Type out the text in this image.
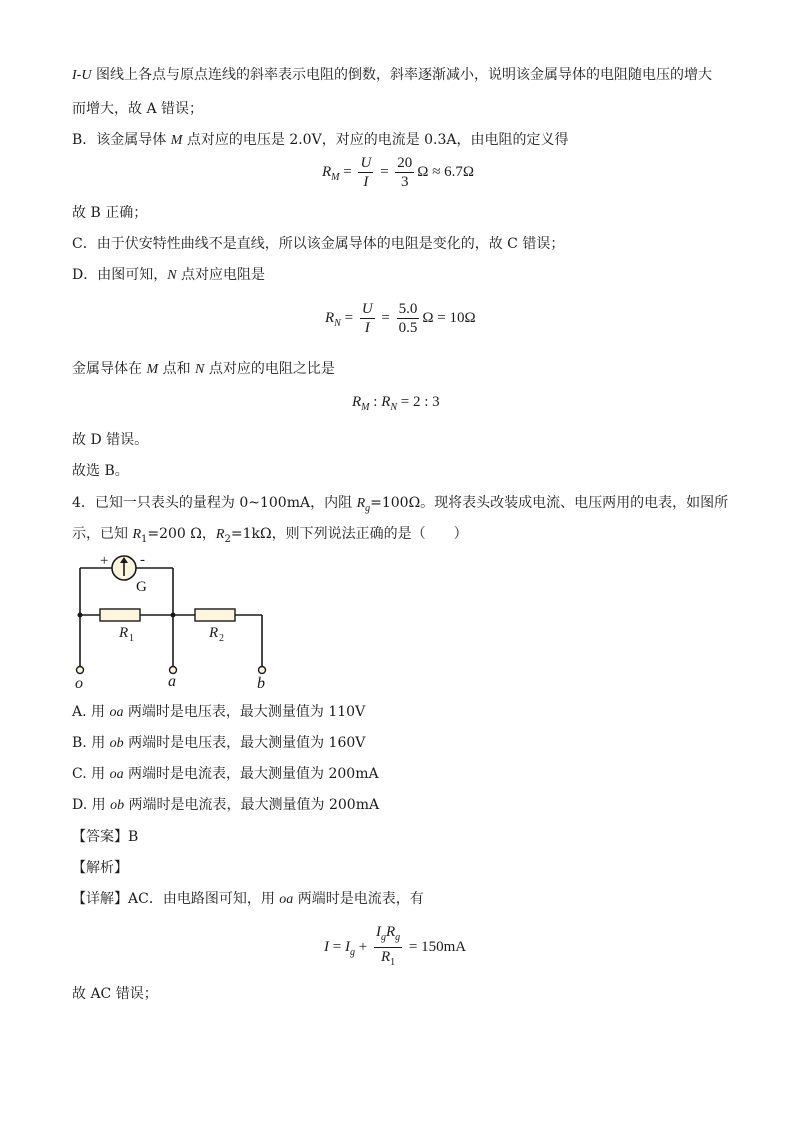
I-U 图线上各点与原点连线的斜率表示电阻的倒数，斜率逐渐减小，说明该金属导体的电阻随电压的增大
而增大，故 A 错误；
B．该金属导体 M 点对应的电压是 2.0V，对应的电流是 0.3A，由电阻的定义得
$R_M = \frac{U}{I} = \frac{20}{3}$ Ω ≈ 6.7Ω
故 B 正确；
C．由于伏安特性曲线不是直线，所以该金属导体的电阻是变化的，故 C 错误；
D．由图可知，N 点对应电阻是
$R_N = \frac{U}{I} = \frac{5.0}{0.5}$ Ω = 10Ω
金属导体在 M 点和 N 点对应的电阻之比是
$R_M$ : $R_N = 2$ : 3
故 D 错误。
故选 B。
4．已知一只表头的量程为 0~100mA，内阻 $R_g=100\Omega$。现将表头改装成电流、电压两用的电表，如图所
示，已知 $R_1=200$ Ω，$R_2=1k\Omega$，则下列说法正确的是（　　）
+ -
G
R 1	R 2
o	a	b
A. 用 oa 两端时是电压表，最大测量值为 110V
B. 用 ob 两端时是电压表，最大测量值为 160V
C. 用 oa 两端时是电流表，最大测量值为 200mA
D. 用 ob 两端时是电流表，最大测量值为 200mA
【答案】B
【解析】
【详解】AC．由电路图可知，用 oa 两端时是电流表，有
$I = I_g + \frac{I_gR_g}{R_1} = 150mA$
故 AC 错误；
